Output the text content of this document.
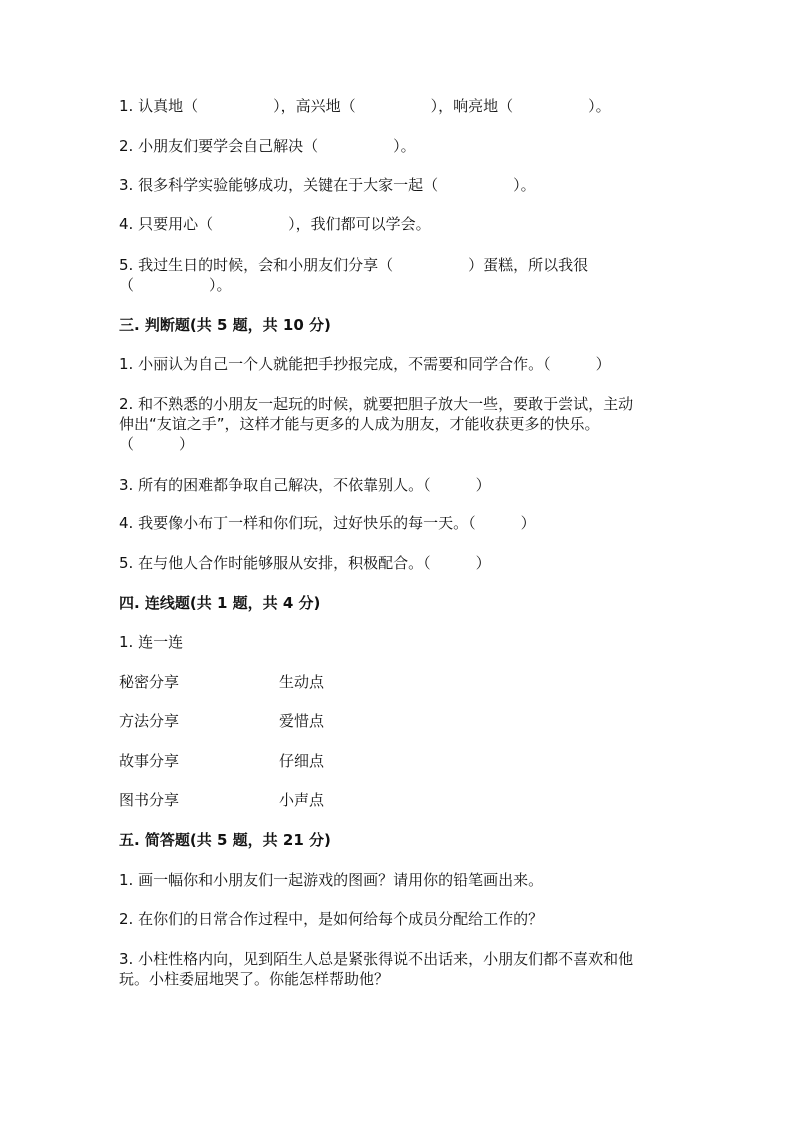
1. 认真地（　　　　　），高兴地（　　　　　），响亮地（　　　　　）。
2. 小朋友们要学会自己解决（　　　　　）。
3. 很多科学实验能够成功，关键在于大家一起（　　　　　）。
4. 只要用心（　　　　　），我们都可以学会。
5. 我过生日的时候，会和小朋友们分享（　　　　　）蛋糕，所以我很
（　　　　　）。
三. 判断题(共 5 题，共 10 分)
1. 小丽认为自己一个人就能把手抄报完成，不需要和同学合作。（　　　）
2. 和不熟悉的小朋友一起玩的时候，就要把胆子放大一些，要敢于尝试，主动
伸出“友谊之手”，这样才能与更多的人成为朋友，才能收获更多的快乐。
（　　　）
3. 所有的困难都争取自己解决，不依靠别人。（　　　）
4. 我要像小布丁一样和你们玩，过好快乐的每一天。（　　　）
5. 在与他人合作时能够服从安排，积极配合。（　　　）
四. 连线题(共 1 题，共 4 分)
1. 连一连
秘密分享	生动点
方法分享	爱惜点
故事分享	仔细点
图书分享	小声点
五. 简答题(共 5 题，共 21 分)
1. 画一幅你和小朋友们一起游戏的图画？请用你的铅笔画出来。
2. 在你们的日常合作过程中，是如何给每个成员分配给工作的？
3. 小柱性格内向，见到陌生人总是紧张得说不出话来，小朋友们都不喜欢和他
玩。小柱委屈地哭了。你能怎样帮助他？
